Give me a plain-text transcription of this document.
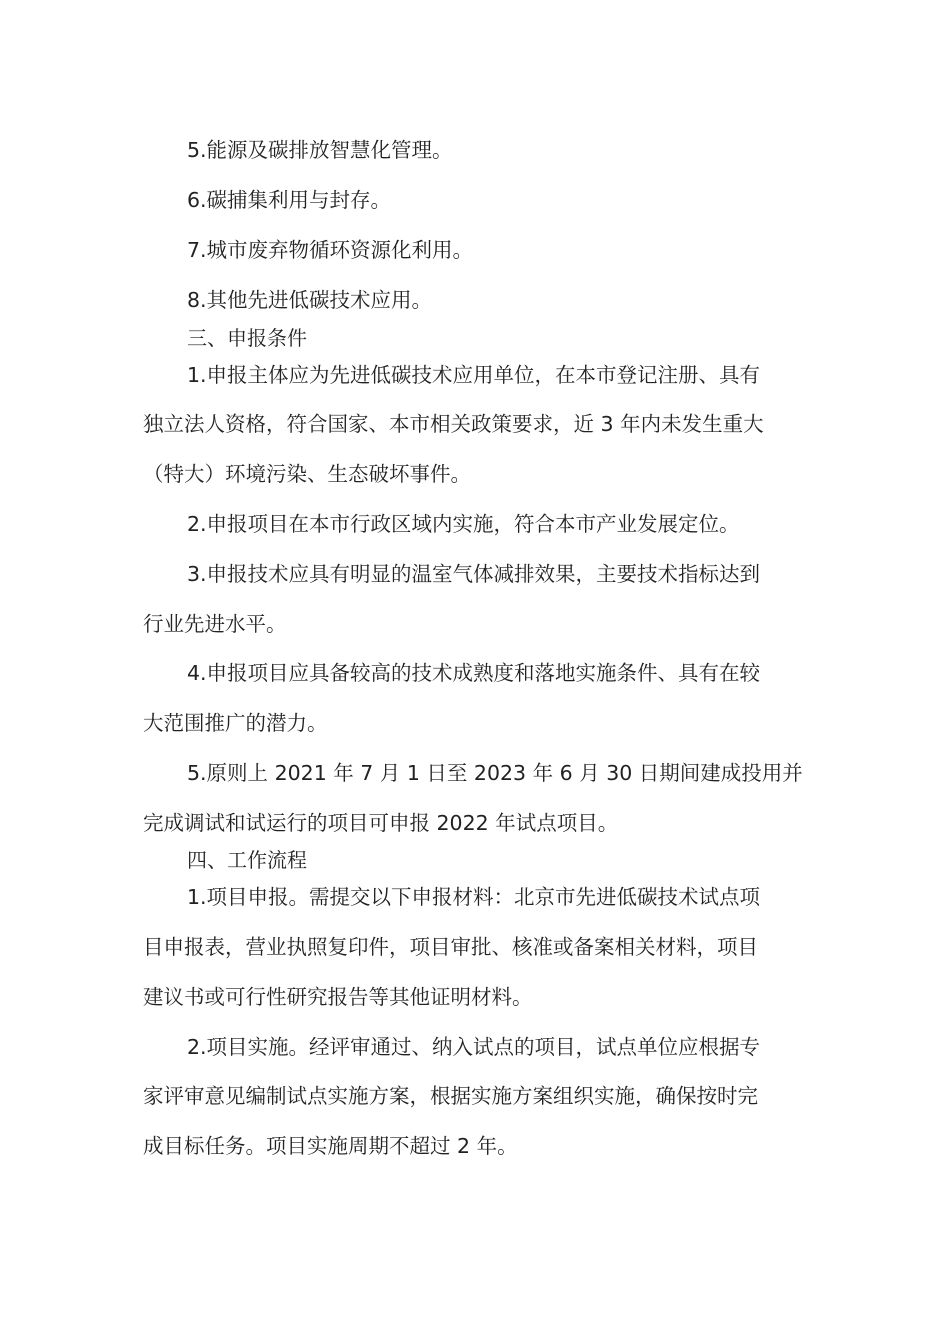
5.能源及碳排放智慧化管理。
6.碳捕集利用与封存。
7.城市废弃物循环资源化利用。
8.其他先进低碳技术应用。
三、申报条件
1.申报主体应为先进低碳技术应用单位，在本市登记注册、具有
独立法人资格，符合国家、本市相关政策要求，近 3 年内未发生重大
（特大）环境污染、生态破坏事件。
2.申报项目在本市行政区域内实施，符合本市产业发展定位。
3.申报技术应具有明显的温室气体减排效果，主要技术指标达到
行业先进水平。
4.申报项目应具备较高的技术成熟度和落地实施条件、具有在较
大范围推广的潜力。
5.原则上 2021 年 7 月 1 日至 2023 年 6 月 30 日期间建成投用并
完成调试和试运行的项目可申报 2022 年试点项目。
四、工作流程
1.项目申报。需提交以下申报材料：北京市先进低碳技术试点项
目申报表，营业执照复印件，项目审批、核准或备案相关材料，项目
建议书或可行性研究报告等其他证明材料。
2.项目实施。经评审通过、纳入试点的项目，试点单位应根据专
家评审意见编制试点实施方案，根据实施方案组织实施，确保按时完
成目标任务。项目实施周期不超过 2 年。
